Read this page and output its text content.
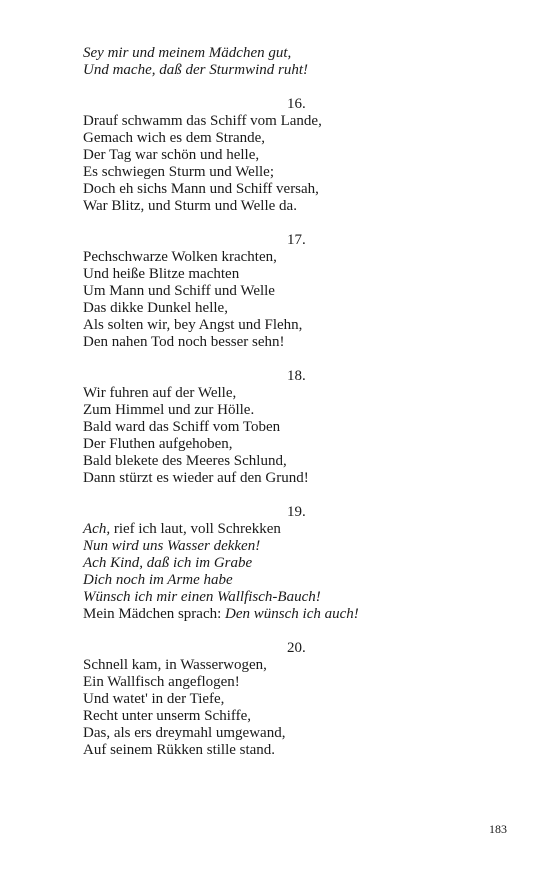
Sey mir und meinem Mädchen gut,
Und mache, daß der Sturmwind ruht!
16.
Drauf schwamm das Schiff vom Lande,
Gemach wich es dem Strande,
Der Tag war schön und helle,
Es schwiegen Sturm und Welle;
Doch eh sichs Mann und Schiff versah,
War Blitz, und Sturm und Welle da.
17.
Pechschwarze Wolken krachten,
Und heiße Blitze machten
Um Mann und Schiff und Welle
Das dikke Dunkel helle,
Als solten wir, bey Angst und Flehn,
Den nahen Tod noch besser sehn!
18.
Wir fuhren auf der Welle,
Zum Himmel und zur Hölle.
Bald ward das Schiff vom Toben
Der Fluthen aufgehoben,
Bald blekete des Meeres Schlund,
Dann stürzt es wieder auf den Grund!
19.
Ach, rief ich laut, voll Schrekken
Nun wird uns Wasser dekken!
Ach Kind, daß ich im Grabe
Dich noch im Arme habe
Wünsch ich mir einen Wallfisch-Bauch!
Mein Mädchen sprach: Den wünsch ich auch!
20.
Schnell kam, in Wasserwogen,
Ein Wallfisch angeflogen!
Und watet' in der Tiefe,
Recht unter unserm Schiffe,
Das, als ers dreymahl umgewand,
Auf seinem Rükken stille stand.
183
